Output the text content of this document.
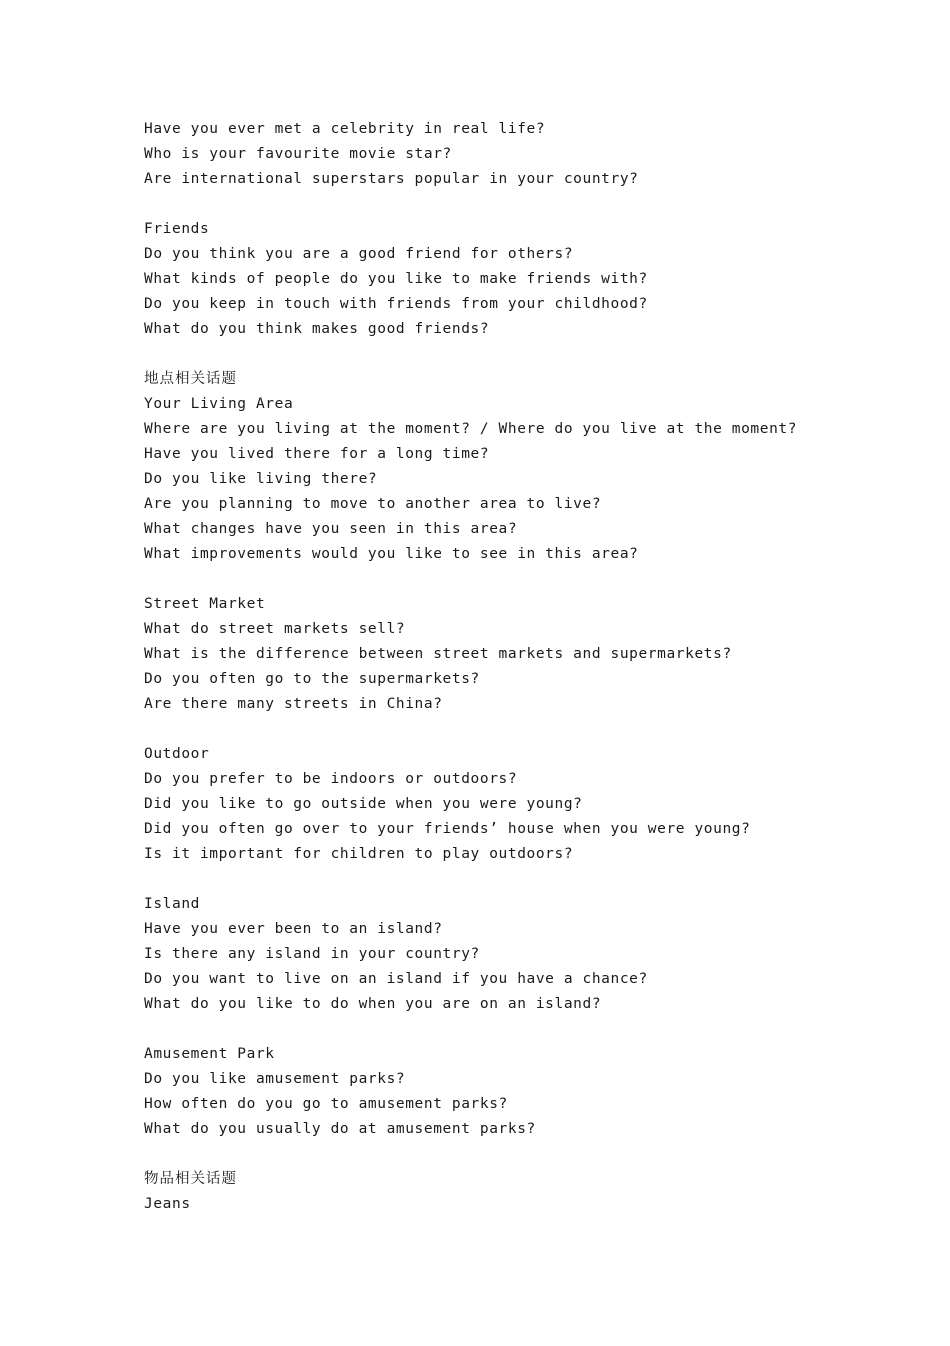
Have you ever met a celebrity in real life?
Who is your favourite movie star?
Are international superstars popular in your country?
Friends
Do you think you are a good friend for others?
What kinds of people do you like to make friends with?
Do you keep in touch with friends from your childhood?
What do you think makes good friends?
地点相关话题
Your Living Area
Where are you living at the moment? / Where do you live at the moment?
Have you lived there for a long time?
Do you like living there?
Are you planning to move to another area to live?
What changes have you seen in this area?
What improvements would you like to see in this area?
Street Market
What do street markets sell?
What is the difference between street markets and supermarkets?
Do you often go to the supermarkets?
Are there many streets in China?
Outdoor
Do you prefer to be indoors or outdoors?
Did you like to go outside when you were young?
Did you often go over to your friends’ house when you were young?
Is it important for children to play outdoors?
Island
Have you ever been to an island?
Is there any island in your country?
Do you want to live on an island if you have a chance?
What do you like to do when you are on an island?
Amusement Park
Do you like amusement parks?
How often do you go to amusement parks?
What do you usually do at amusement parks?
物品相关话题
Jeans
